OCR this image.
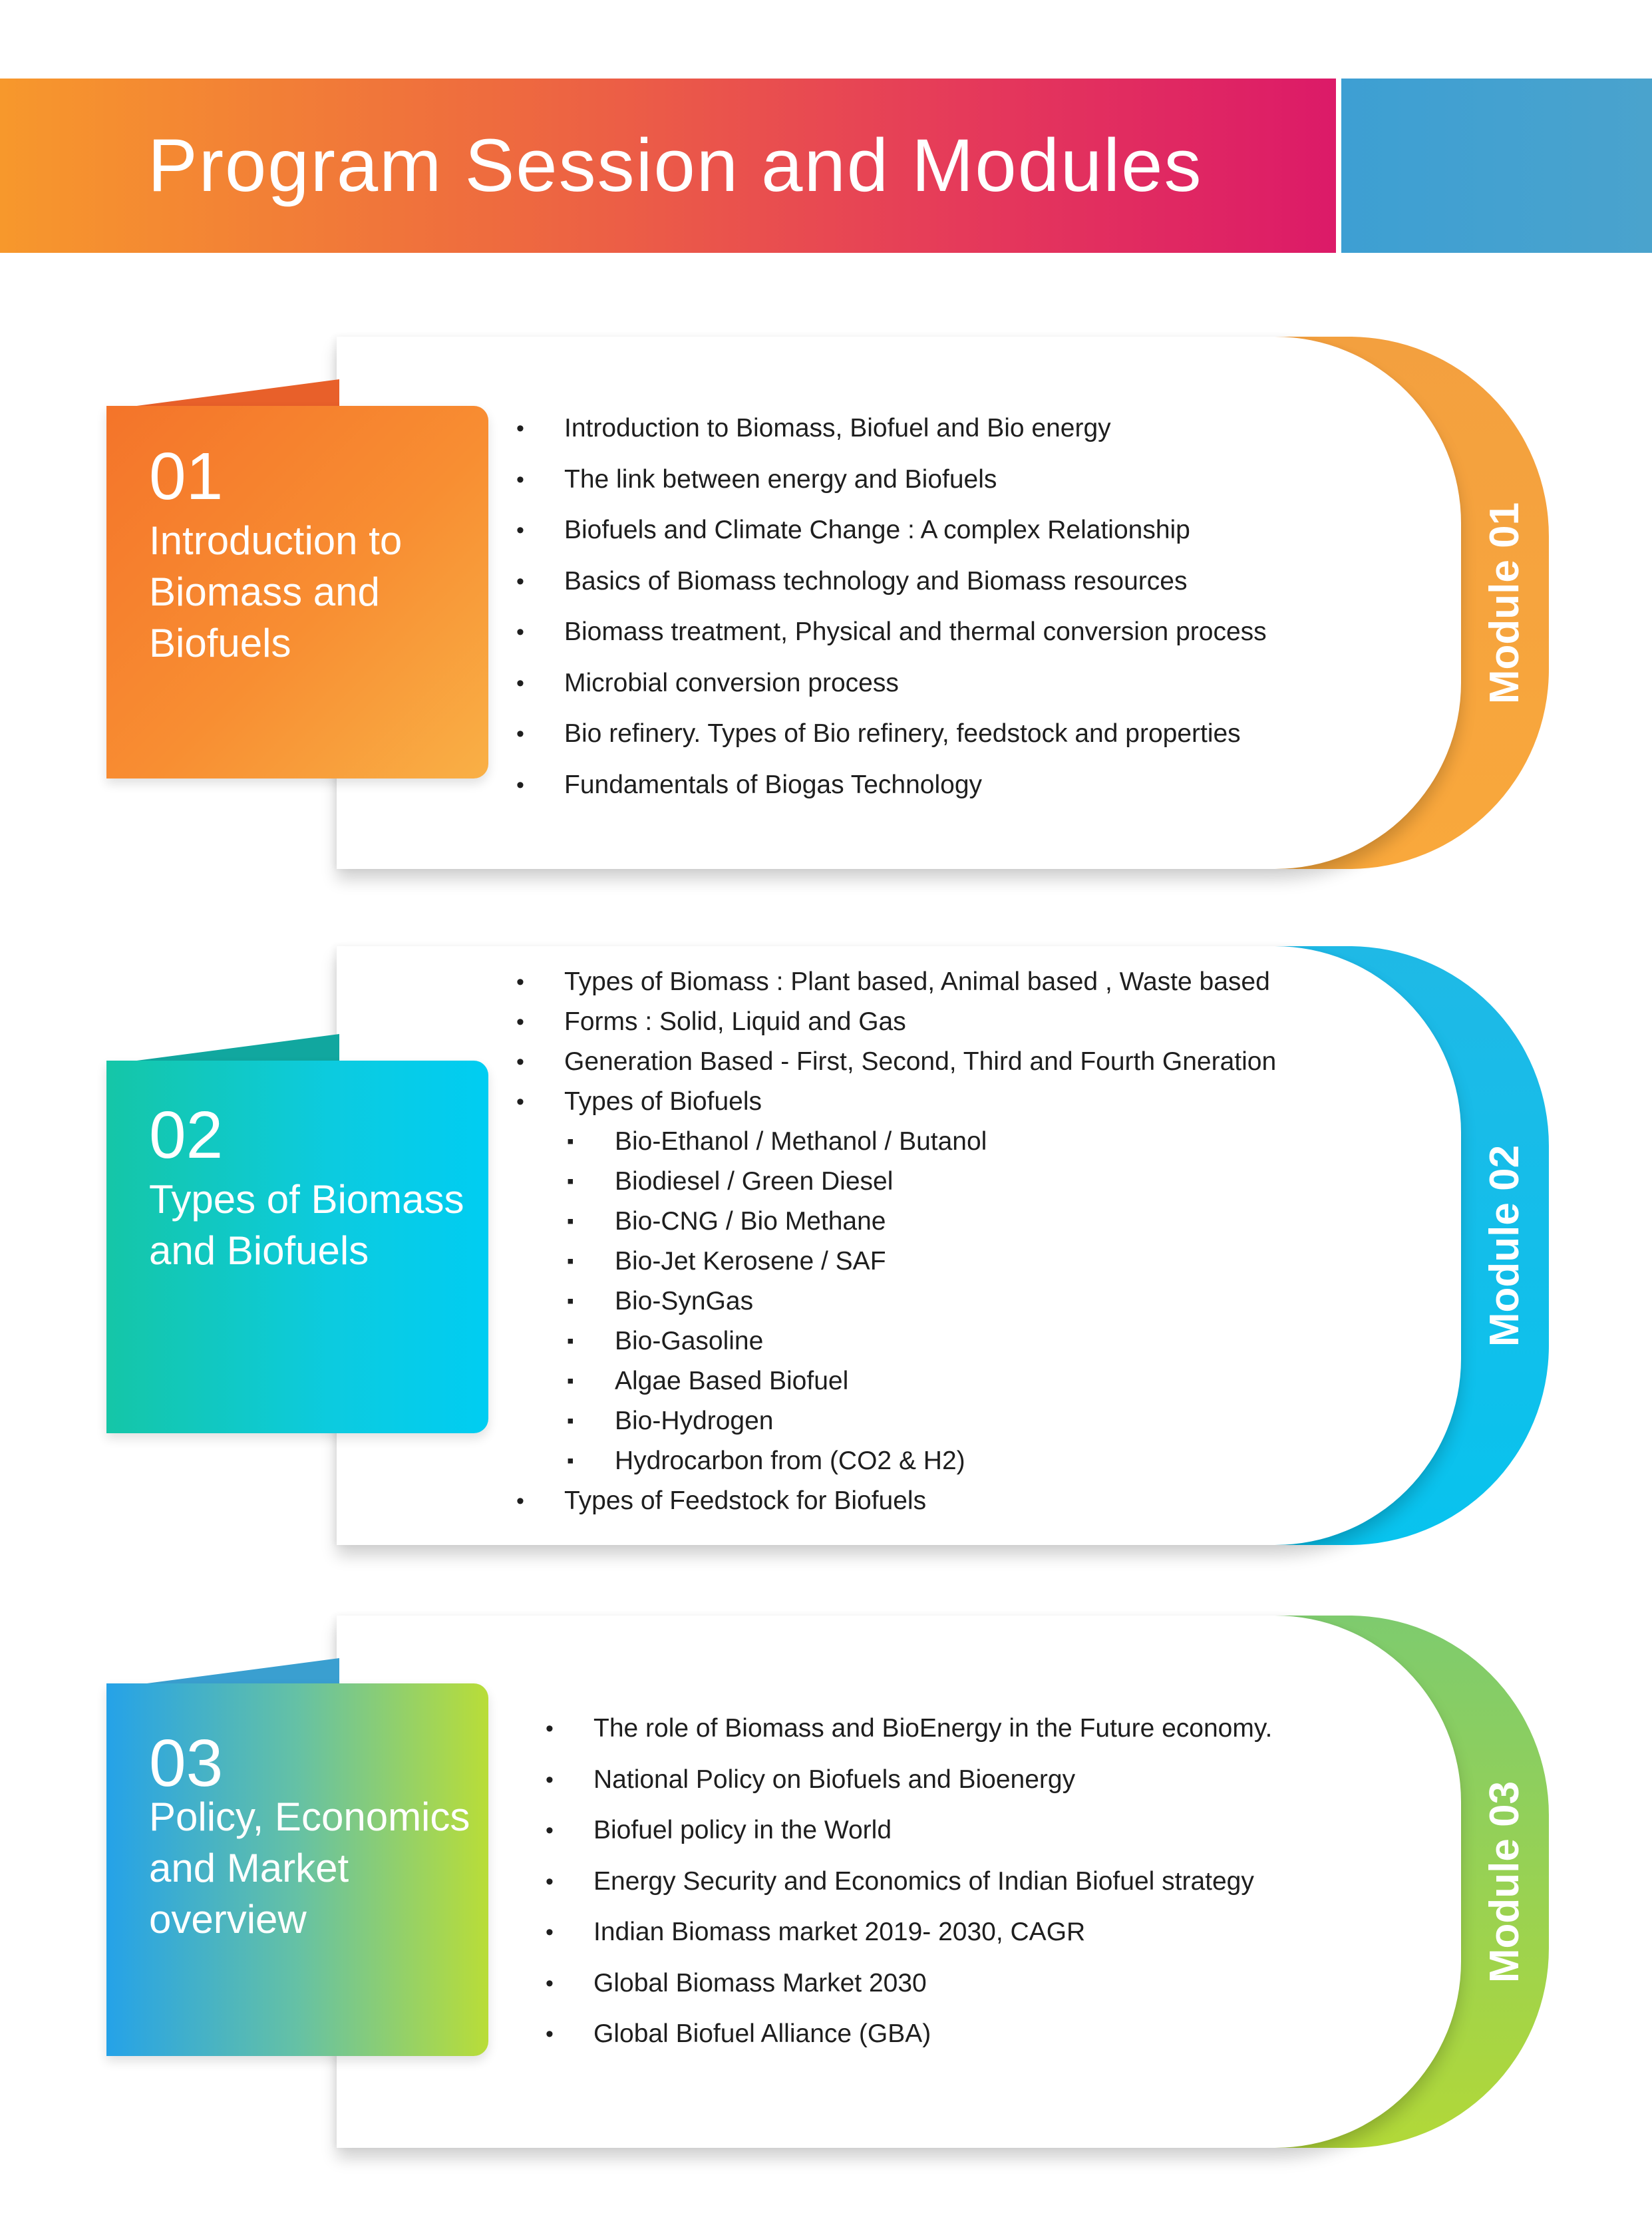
Program Session and Modules
Module 01
01
Introduction to Biomass and Biofuels
• Introduction to Biomass, Biofuel and Bio energy
• The link between energy and Biofuels
• Biofuels and Climate Change : A complex Relationship
• Basics of Biomass technology and Biomass resources
• Biomass treatment, Physical and thermal conversion process
• Microbial conversion process
• Bio refinery. Types of Bio refinery, feedstock and properties
• Fundamentals of Biogas Technology
Module 02
02
Types of Biomass and Biofuels
• Types of Biomass : Plant based, Animal based , Waste based
• Forms : Solid, Liquid and Gas
• Generation Based - First, Second, Third and Fourth Gneration
• Types of Biofuels
▪ Bio-Ethanol / Methanol / Butanol
▪ Biodiesel / Green Diesel
▪ Bio-CNG / Bio Methane
▪ Bio-Jet Kerosene / SAF
▪ Bio-SynGas
▪ Bio-Gasoline
▪ Algae Based Biofuel
▪ Bio-Hydrogen
▪ Hydrocarbon from (CO2 & H2)
• Types of Feedstock for Biofuels
Module 03
03
Policy, Economics and Market overview
• The role of Biomass and BioEnergy in the Future economy.
• National Policy on Biofuels and Bioenergy
• Biofuel policy in the World
• Energy Security and Economics of Indian Biofuel strategy
• Indian Biomass market 2019- 2030, CAGR
• Global Biomass Market 2030
• Global Biofuel Alliance (GBA)
